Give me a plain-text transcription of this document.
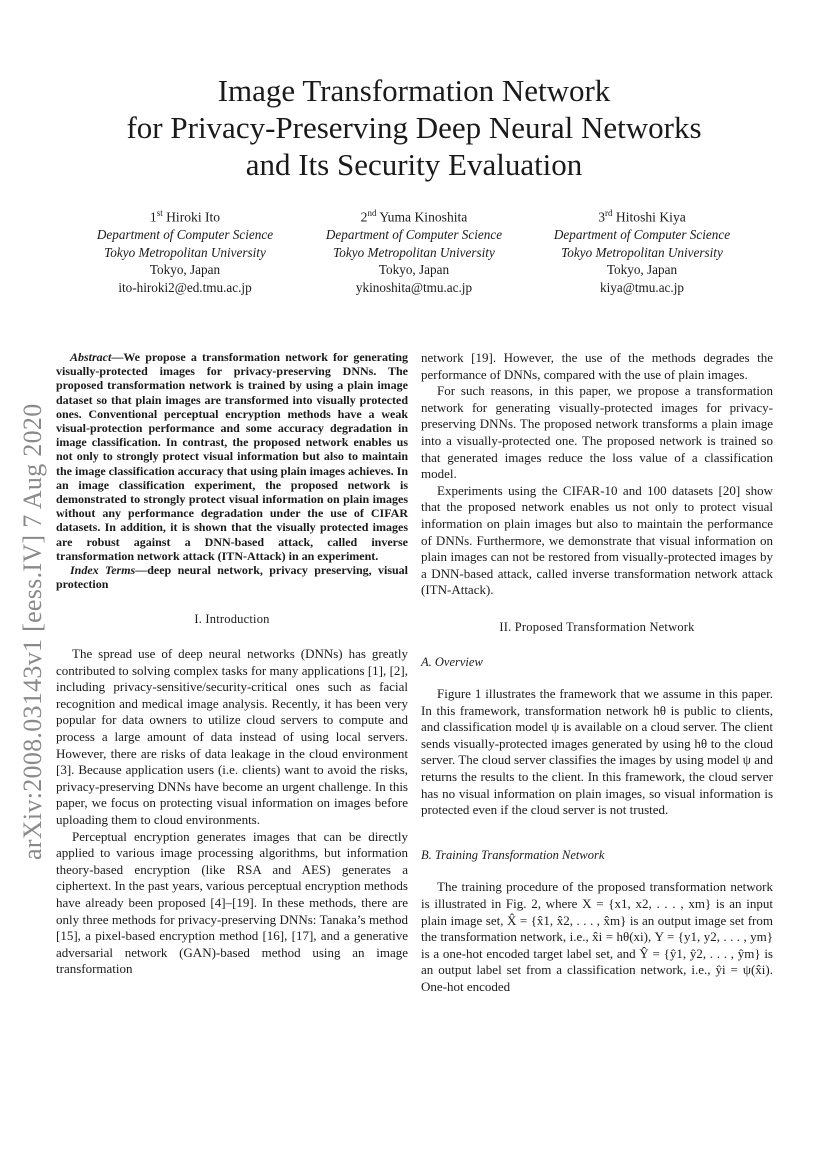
Image Transformation Network
for Privacy-Preserving Deep Neural Networks
and Its Security Evaluation
1st Hiroki Ito
Department of Computer Science
Tokyo Metropolitan University
Tokyo, Japan
ito-hiroki2@ed.tmu.ac.jp
2nd Yuma Kinoshita
Department of Computer Science
Tokyo Metropolitan University
Tokyo, Japan
ykinoshita@tmu.ac.jp
3rd Hitoshi Kiya
Department of Computer Science
Tokyo Metropolitan University
Tokyo, Japan
kiya@tmu.ac.jp
arXiv:2008.03143v1 [eess.IV] 7 Aug 2020

Abstract—We propose a transformation network for generating visually-protected images for privacy-preserving DNNs. The proposed transformation network is trained by using a plain image dataset so that plain images are transformed into visually protected ones. Conventional perceptual encryption methods have a weak visual-protection performance and some accuracy degradation in image classification. In contrast, the proposed network enables us not only to strongly protect visual information but also to maintain the image classification accuracy that using plain images achieves. In an image classification experiment, the proposed network is demonstrated to strongly protect visual information on plain images without any performance degradation under the use of CIFAR datasets. In addition, it is shown that the visually protected images are robust against a DNN-based attack, called inverse transformation network attack (ITN-Attack) in an experiment.

Index Terms—deep neural network, privacy preserving, visual protection

I. Introduction

The spread use of deep neural networks (DNNs) has greatly contributed to solving complex tasks for many applications [1], [2], including privacy-sensitive/security-critical ones such as facial recognition and medical image analysis. Recently, it has been very popular for data owners to utilize cloud servers to compute and process a large amount of data instead of using local servers. However, there are risks of data leakage in the cloud environment [3]. Because application users (i.e. clients) want to avoid the risks, privacy-preserving DNNs have become an urgent challenge. In this paper, we focus on protecting visual information on images before uploading them to cloud environments.

Perceptual encryption generates images that can be directly applied to various image processing algorithms, but information theory-based encryption (like RSA and AES) generates a ciphertext. In the past years, various perceptual encryption methods have already been proposed [4]–[19]. In these methods, there are only three methods for privacy-preserving DNNs: Tanaka’s method [15], a pixel-based encryption method [16], [17], and a generative adversarial network (GAN)-based method using an image transformation

network [19]. However, the use of the methods degrades the performance of DNNs, compared with the use of plain images.

For such reasons, in this paper, we propose a transformation network for generating visually-protected images for privacy-preserving DNNs. The proposed network transforms a plain image into a visually-protected one. The proposed network is trained so that generated images reduce the loss value of a classification model.

Experiments using the CIFAR-10 and 100 datasets [20] show that the proposed network enables us not only to protect visual information on plain images but also to maintain the performance of DNNs. Furthermore, we demonstrate that visual information on plain images can not be restored from visually-protected images by a DNN-based attack, called inverse transformation network attack (ITN-Attack).

II. Proposed Transformation Network
A. Overview

Figure 1 illustrates the framework that we assume in this paper. In this framework, transformation network hθ is public to clients, and classification model ψ is available on a cloud server. The client sends visually-protected images generated by using hθ to the cloud server. The cloud server classifies the images by using model ψ and returns the results to the client. In this framework, the cloud server has no visual information on plain images, so visual information is protected even if the cloud server is not trusted.

B. Training Transformation Network

The training procedure of the proposed transformation network is illustrated in Fig. 2, where X = {x1, x2, . . . , xm} is an input plain image set, X̂ = {x̂1, x̂2, . . . , x̂m} is an output image set from the transformation network, i.e., x̂i = hθ(xi), Y = {y1, y2, . . . , ym} is a one-hot encoded target label set, and Ŷ = {ŷ1, ŷ2, . . . , ŷm} is an output label set from a classification network, i.e., ŷi = ψ(x̂i). One-hot encoded
